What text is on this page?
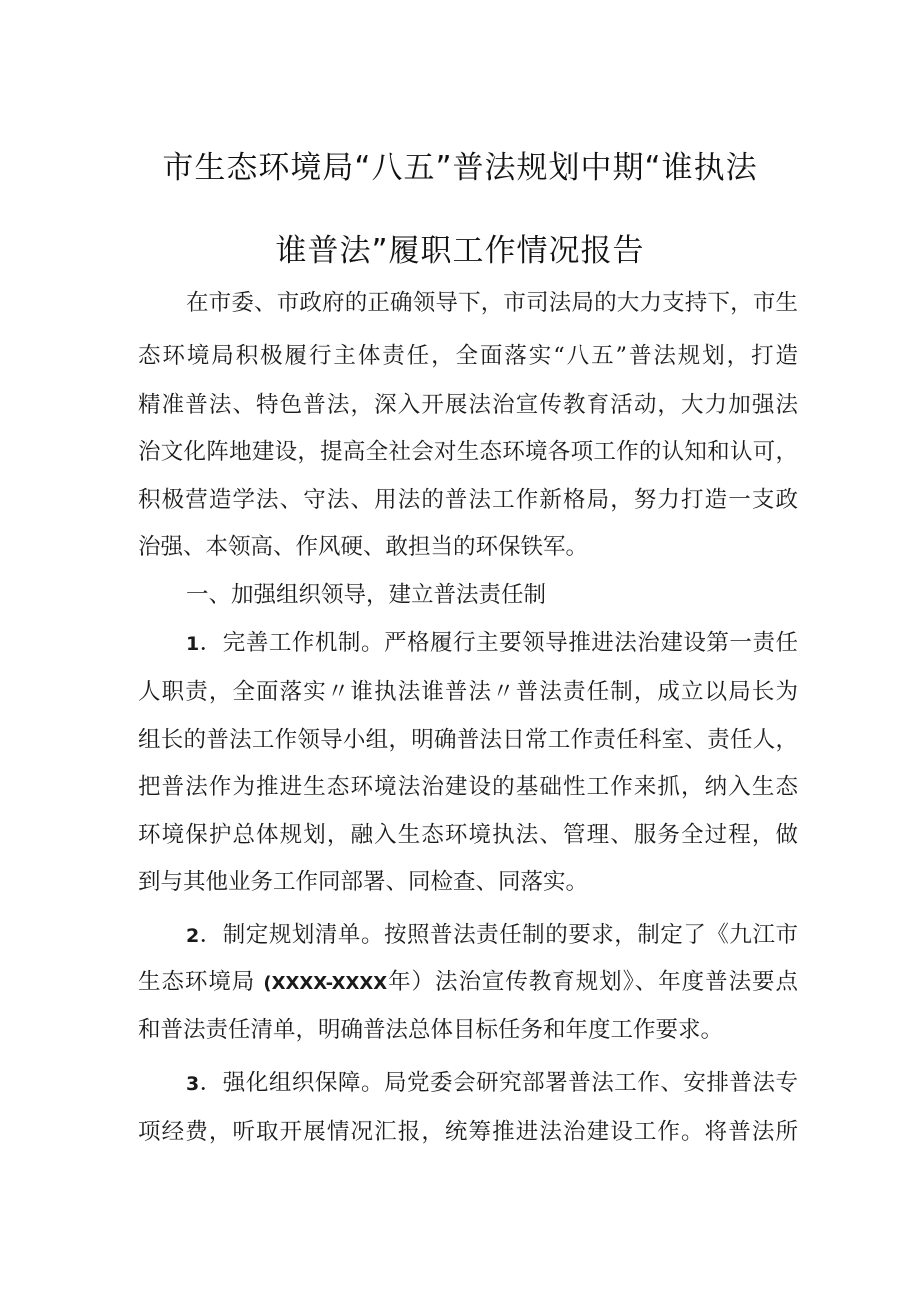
市生态环境局“八五”普法规划中期“谁执法
谁普法”履职工作情况报告
在市委、市政府的正确领导下，市司法局的大力支持下，市生
态环境局积极履行主体责任，全面落实“八五”普法规划，打造
精准普法、特色普法，深入开展法治宣传教育活动，大力加强法
治文化阵地建设，提高全社会对生态环境各项工作的认知和认可，
积极营造学法、守法、用法的普法工作新格局，努力打造一支政
治强、本领高、作风硬、敢担当的环保铁军。
一、加强组织领导，建立普法责任制
1．完善工作机制。严格履行主要领导推进法治建设第一责任
人职责，全面落实〃谁执法谁普法〃普法责任制，成立以局长为
组长的普法工作领导小组，明确普法日常工作责任科室、责任人，
把普法作为推进生态环境法治建设的基础性工作来抓，纳入生态
环境保护总体规划，融入生态环境执法、管理、服务全过程，做
到与其他业务工作同部署、同检查、同落实。
2．制定规划清单。按照普法责任制的要求，制定了《九江市
生态环境局 (XXXX-XXXX年）法治宣传教育规划》、年度普法要点
和普法责任清单，明确普法总体目标任务和年度工作要求。
3．强化组织保障。局党委会研究部署普法工作、安排普法专
项经费，听取开展情况汇报，统筹推进法治建设工作。将普法所
